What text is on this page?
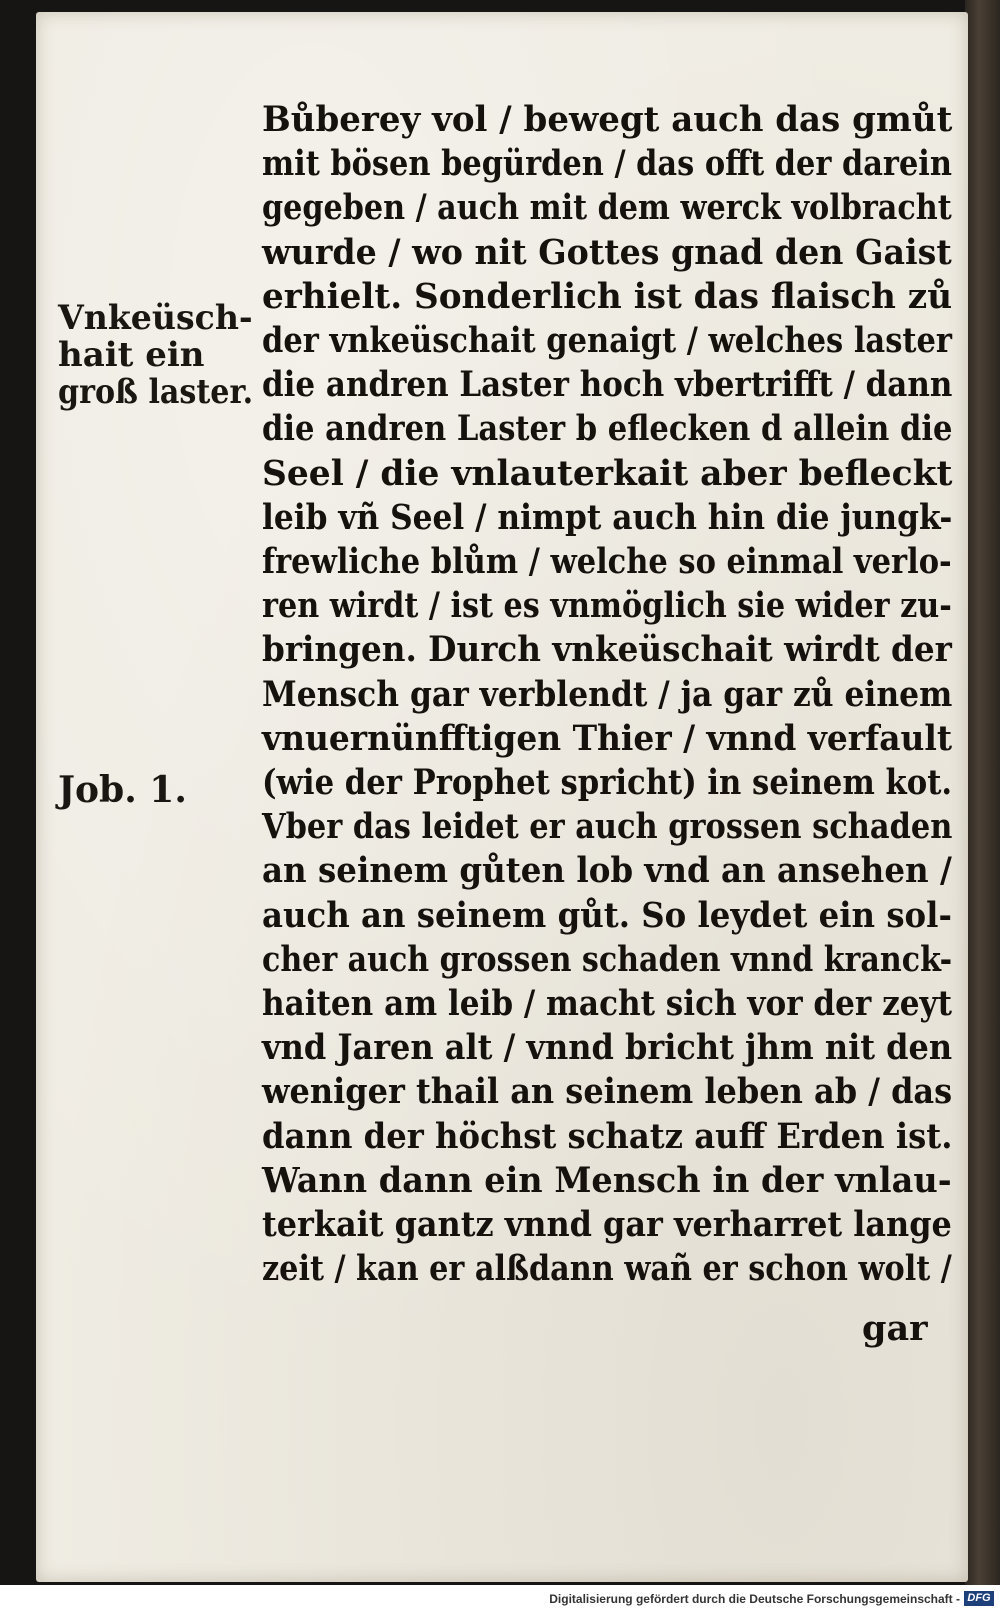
Vnkeüsch-
hait ein
groß laster.
Job. 1.
Bůberey vol / bewegt auch das gmůt
mit bösen begürden / das offt der darein
gegeben / auch mit dem werck volbracht
wurde / wo nit Gottes gnad den Gaist
erhielt. Sonderlich ist das flaisch zů
der vnkeüschait genaigt / welches laster
die andren Laster hoch vbertrifft / dann
die andren Laster b eflecken d allein die
Seel / die vnlauterkait aber befleckt
leib vñ Seel / nimpt auch hin die jungk-
frewliche blům / welche so einmal verlo-
ren wirdt / ist es vnmöglich sie wider zu-
bringen. Durch vnkeüschait wirdt der
Mensch gar verblendt / ja gar zů einem
vnuernünfftigen Thier / vnnd verfault
(wie der Prophet spricht) in seinem kot.
Vber das leidet er auch grossen schaden
an seinem gůten lob vnd an ansehen /
auch an seinem gůt. So leydet ein sol-
cher auch grossen schaden vnnd kranck-
haiten am leib / macht sich vor der zeyt
vnd Jaren alt / vnnd bricht jhm nit den
weniger thail an seinem leben ab / das
dann der höchst schatz auff Erden ist.
Wann dann ein Mensch in der vnlau-
terkait gantz vnnd gar verharret lange
zeit / kan er alßdann wañ er schon wolt /
gar
Digitalisierung gefördert durch die Deutsche Forschungsgemeinschaft - DFG
